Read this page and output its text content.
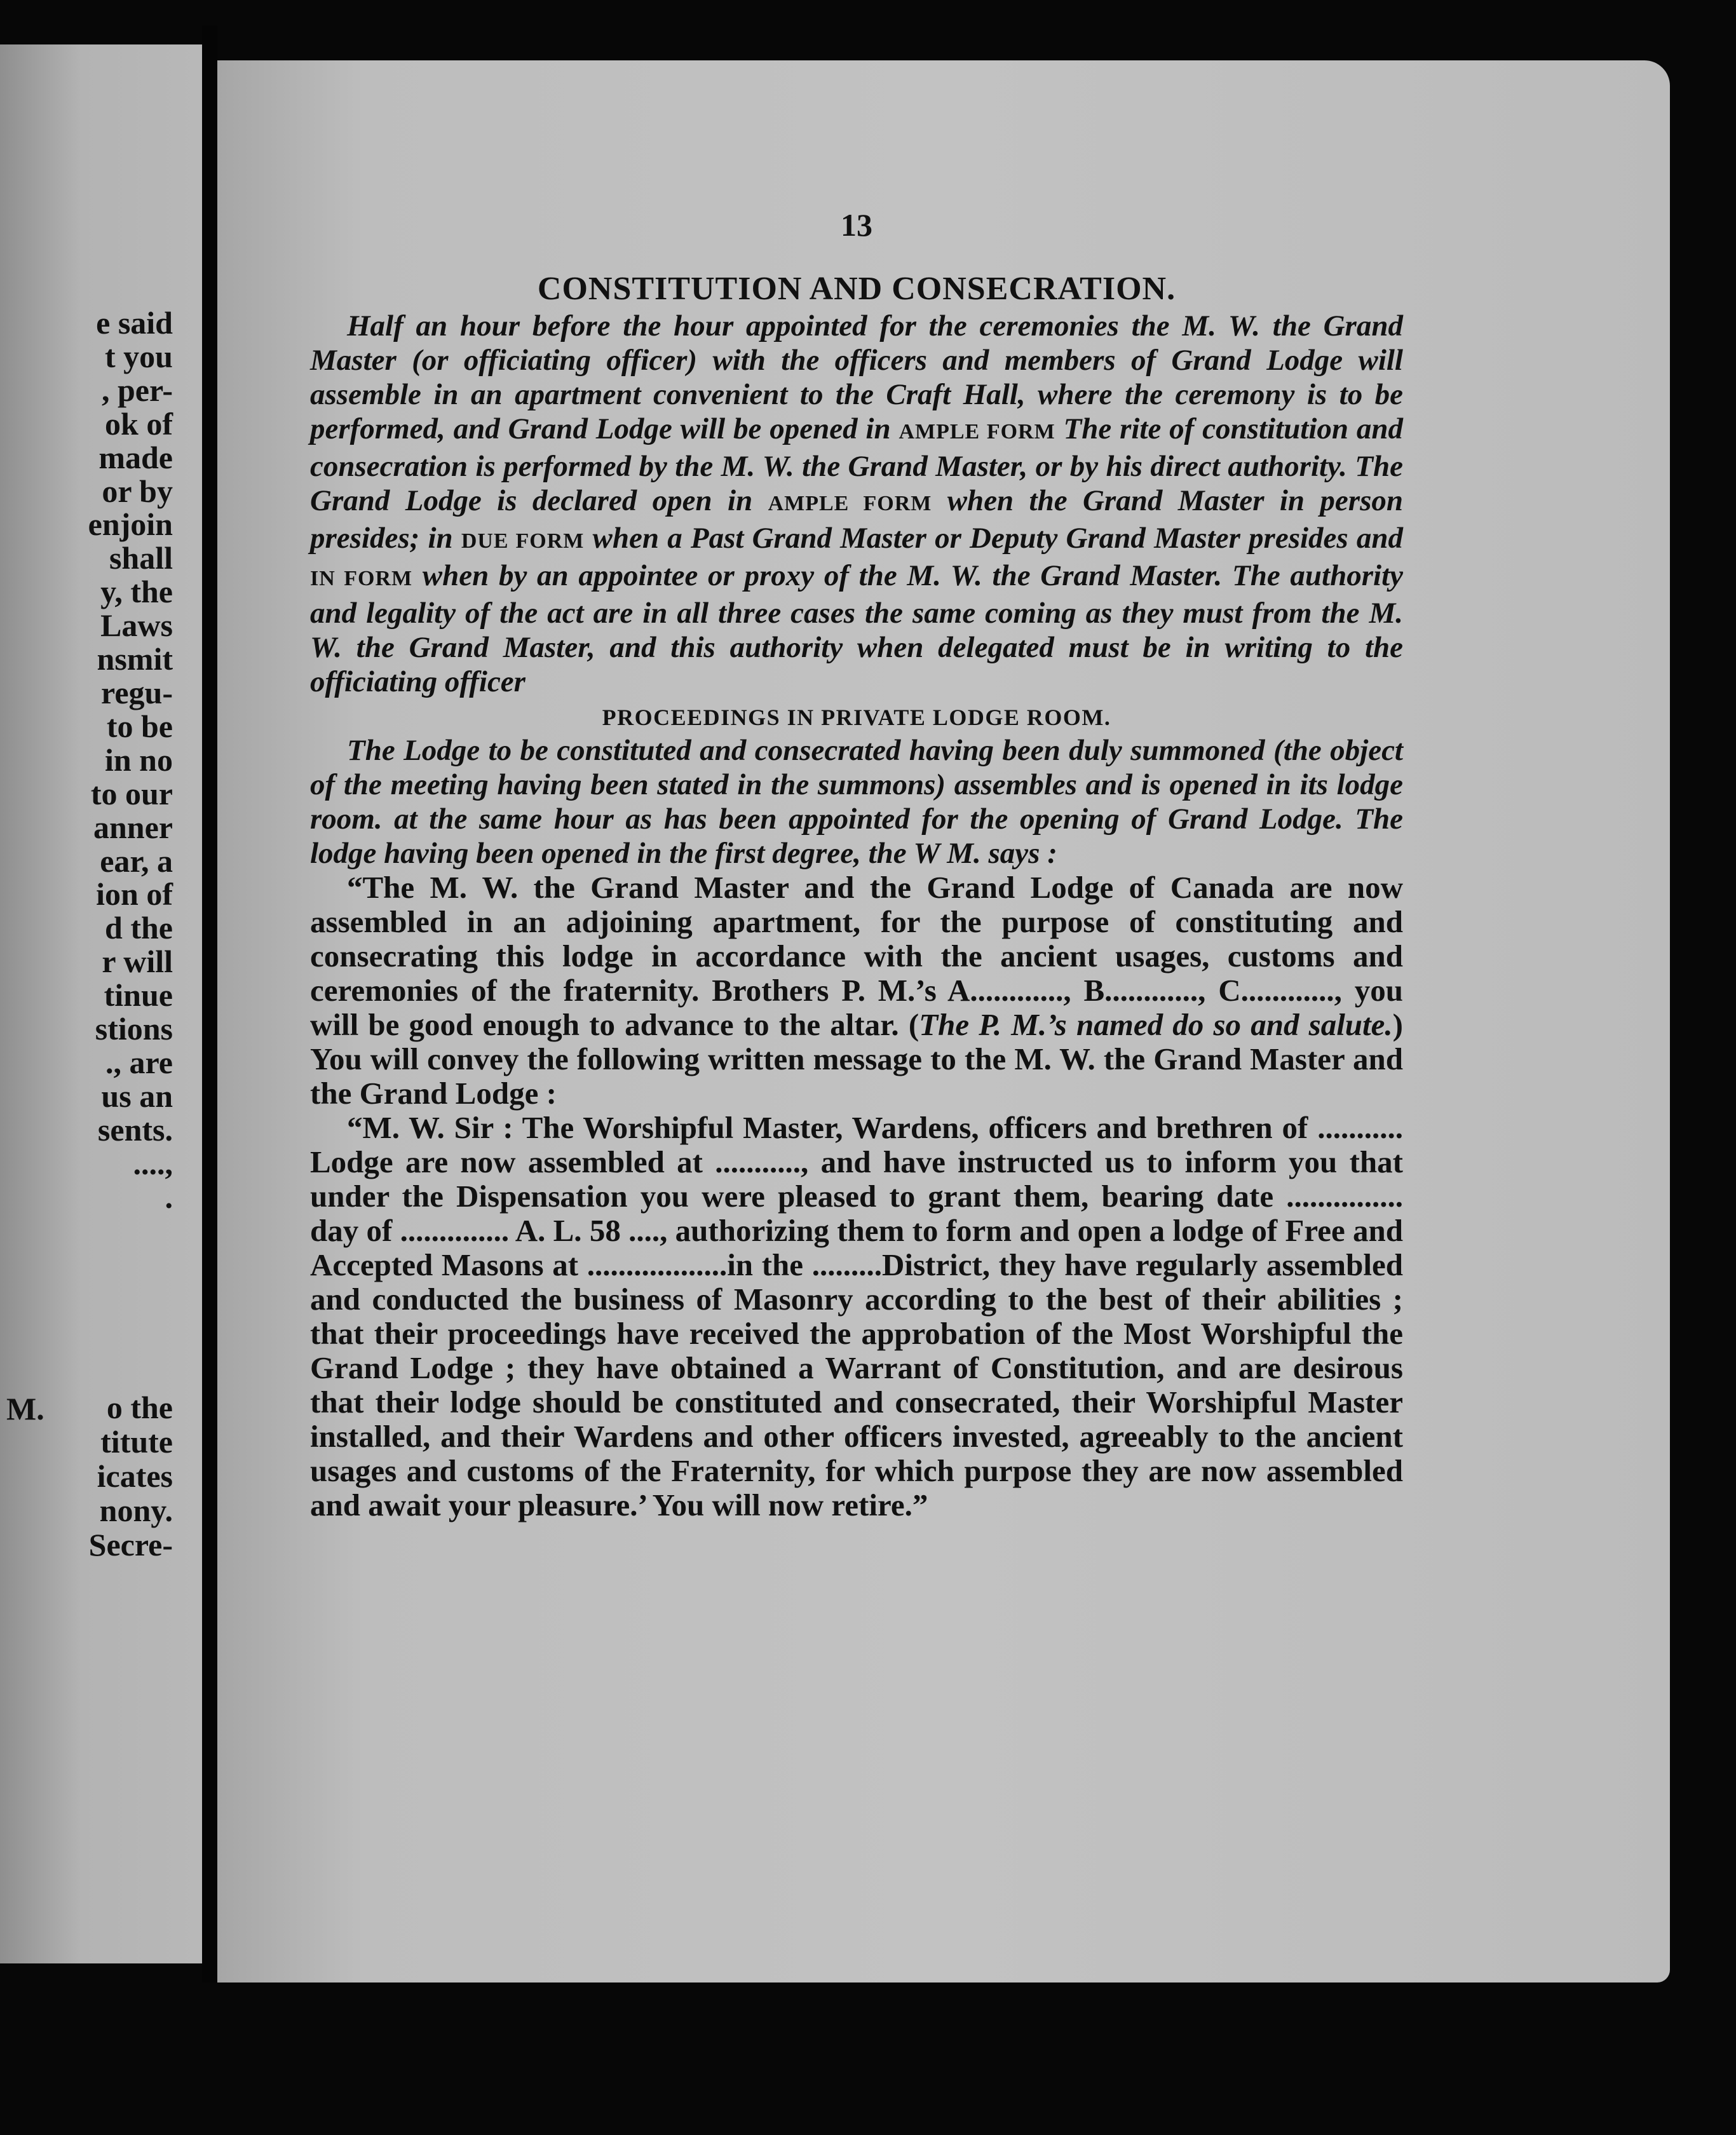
e said
t you
, per-
ok of
made
or by
enjoin
shall
y, the
Laws
nsmit
regu-
to be
in no
to our
anner
ear, a
ion of
d the
r will
tinue
stions
., are
us an
sents.
....,
.
M.	o the
titute
icates
nony.
Secre-
13
CONSTITUTION AND CONSECRATION.

Half an hour before the hour appointed for the ceremonies the M. W. the Grand Master (or officiating officer) with the officers and members of Grand Lodge will assemble in an apartment convenient to the Craft Hall, where the ceremony is to be performed, and Grand Lodge will be opened in AMPLE FORM The rite of constitution and consecration is performed by the M. W. the Grand Master, or by his direct authority. The Grand Lodge is declared open in AMPLE FORM when the Grand Master in person presides; in DUE FORM when a Past Grand Master or Deputy Grand Master presides and IN FORM when by an appointee or proxy of the M. W. the Grand Master. The authority and legality of the act are in all three cases the same coming as they must from the M. W. the Grand Master, and this authority when delegated must be in writing to the officiating officer

PROCEEDINGS IN PRIVATE LODGE ROOM.

The Lodge to be constituted and consecrated having been duly summoned (the object of the meeting having been stated in the summons) assembles and is opened in its lodge room. at the same hour as has been appointed for the opening of Grand Lodge. The lodge having been opened in the first degree, the W M. says :

“The M. W. the Grand Master and the Grand Lodge of Canada are now assembled in an adjoining apartment, for the purpose of constituting and consecrating this lodge in accordance with the ancient usages, customs and ceremonies of the fraternity. Brothers P. M.’s A............, B............, C............, you will be good enough to advance to the altar. (The P. M.’s named do so and salute.) You will convey the following written message to the M. W. the Grand Master and the Grand Lodge :

“M. W. Sir : The Worshipful Master, Wardens, officers and brethren of ........... Lodge are now assembled at ..........., and have instructed us to inform you that under the Dispensation you were pleased to grant them, bearing date ............... day of .............. A. L. 58 ...., authorizing them to form and open a lodge of Free and Accepted Masons at ..................in the .........District, they have regularly assembled and conducted the business of Masonry according to the best of their abilities ; that their proceedings have received the approbation of the Most Worshipful the Grand Lodge ; they have obtained a Warrant of Constitution, and are desirous that their lodge should be constituted and consecrated, their Worshipful Master installed, and their Wardens and other officers invested, agreeably to the ancient usages and customs of the Fraternity, for which purpose they are now assembled and await your pleasure.’ You will now retire.”
